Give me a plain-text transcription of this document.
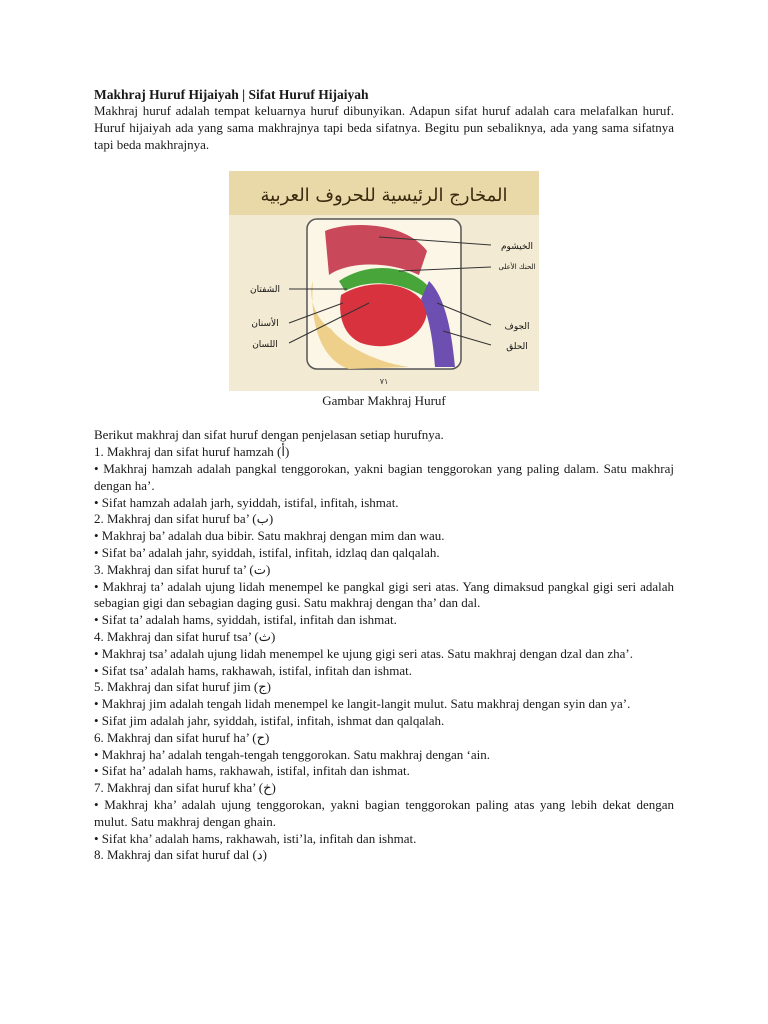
Makhraj Huruf Hijaiyah | Sifat Huruf Hijaiyah

Makhraj huruf adalah tempat keluarnya huruf dibunyikan. Adapun sifat huruf adalah cara melafalkan huruf. Huruf hijaiyah ada yang sama makhrajnya tapi beda sifatnya. Begitu pun sebaliknya, ada yang sama sifatnya tapi beda makhrajnya.

المخارج الرئيسية للحروف العربية
الخيشوم
الحنك الأعلى
الشفتان
الأسنان
اللسان
الجوف
الحلق
٧١
Gambar Makhraj Huruf

Berikut makhraj dan sifat huruf dengan penjelasan setiap hurufnya.

1. Makhraj dan sifat huruf hamzah (أ)

• Makhraj hamzah adalah pangkal tenggorokan, yakni bagian tenggorokan yang paling dalam. Satu makhraj dengan ha’.

• Sifat hamzah adalah jarh, syiddah, istifal, infitah, ishmat.

2. Makhraj dan sifat huruf ba’ (ب)

• Makhraj ba’ adalah dua bibir. Satu makhraj dengan mim dan wau.

• Sifat ba’ adalah jahr, syiddah, istifal, infitah, idzlaq dan qalqalah.

3. Makhraj dan sifat huruf ta’ (ت)

• Makhraj ta’ adalah ujung lidah menempel ke pangkal gigi seri atas. Yang dimaksud pangkal gigi seri adalah sebagian gigi dan sebagian daging gusi. Satu makhraj dengan tha’ dan dal.

• Sifat ta’ adalah hams, syiddah, istifal, infitah dan ishmat.

4. Makhraj dan sifat huruf tsa’ (ث)

• Makhraj tsa’ adalah ujung lidah menempel ke ujung gigi seri atas. Satu makhraj dengan dzal dan zha’.

• Sifat tsa’ adalah hams, rakhawah, istifal, infitah dan ishmat.

5. Makhraj dan sifat huruf jim (ج)

• Makhraj jim adalah tengah lidah menempel ke langit-langit mulut. Satu makhraj dengan syin dan ya’.

• Sifat jim adalah jahr, syiddah, istifal, infitah, ishmat dan qalqalah.

6. Makhraj dan sifat huruf ha’ (ح)

• Makhraj ha’ adalah tengah-tengah tenggorokan. Satu makhraj dengan ‘ain.

• Sifat ha’ adalah hams, rakhawah, istifal, infitah dan ishmat.

7. Makhraj dan sifat huruf kha’ (خ)

• Makhraj kha’ adalah ujung tenggorokan, yakni bagian tenggorokan paling atas yang lebih dekat dengan mulut. Satu makhraj dengan ghain.

• Sifat kha’ adalah hams, rakhawah, isti’la, infitah dan ishmat.

8. Makhraj dan sifat huruf dal (د)
